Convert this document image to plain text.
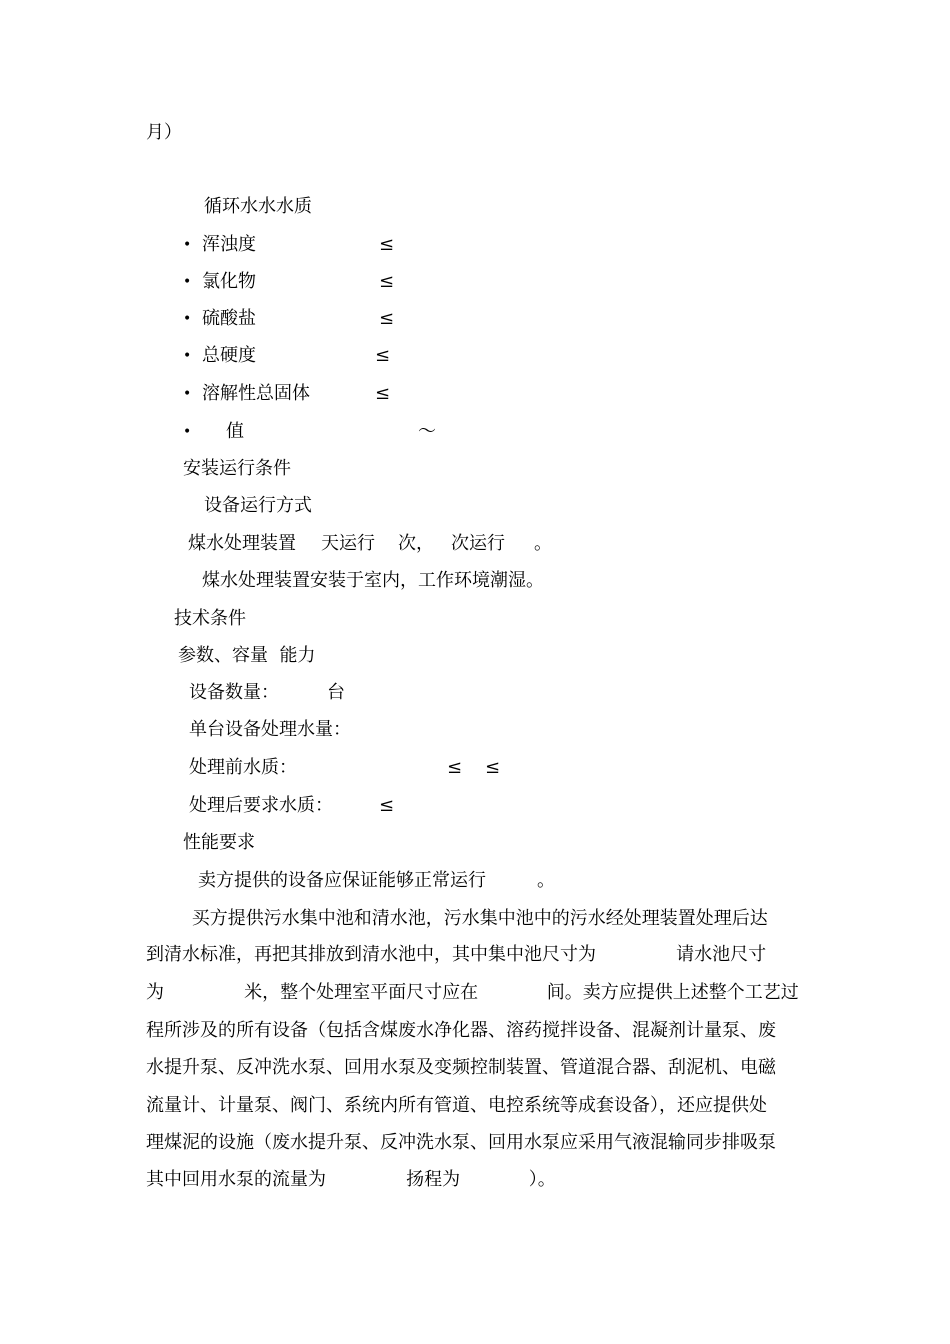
月）
循环水水水质
• 浑浊度	≤
• 氯化物	≤
• 硫酸盐	≤
• 总硬度	≤
• 溶解性总固体	≤
• 值	～
安装运行条件
设备运行方式
煤水处理装置 天运行 次， 次运行 。
煤水处理装置安装于室内，工作环境潮湿。
技术条件
参数、容量  能力
设备数量：	台
单台设备处理水量：
处理前水质：	≤ ≤
处理后要求水质：	≤
性能要求
卖方提供的设备应保证能够正常运行	。
买方提供污水集中池和清水池，污水集中池中的污水经处理装置处理后达
到清水标准，再把其排放到清水池中，其中集中池尺寸为              请水池尺寸
为              米，整个处理室平面尺寸应在            间。卖方应提供上述整个工艺过
程所涉及的所有设备（包括含煤废水净化器、溶药搅拌设备、混凝剂计量泵、废
水提升泵、反冲洗水泵、回用水泵及变频控制装置、管道混合器、刮泥机、电磁
流量计、计量泵、阀门、系统内所有管道、电控系统等成套设备），还应提供处
理煤泥的设施（废水提升泵、反冲洗水泵、回用水泵应采用气液混输同步排吸泵
其中回用水泵的流量为              扬程为            ）。
